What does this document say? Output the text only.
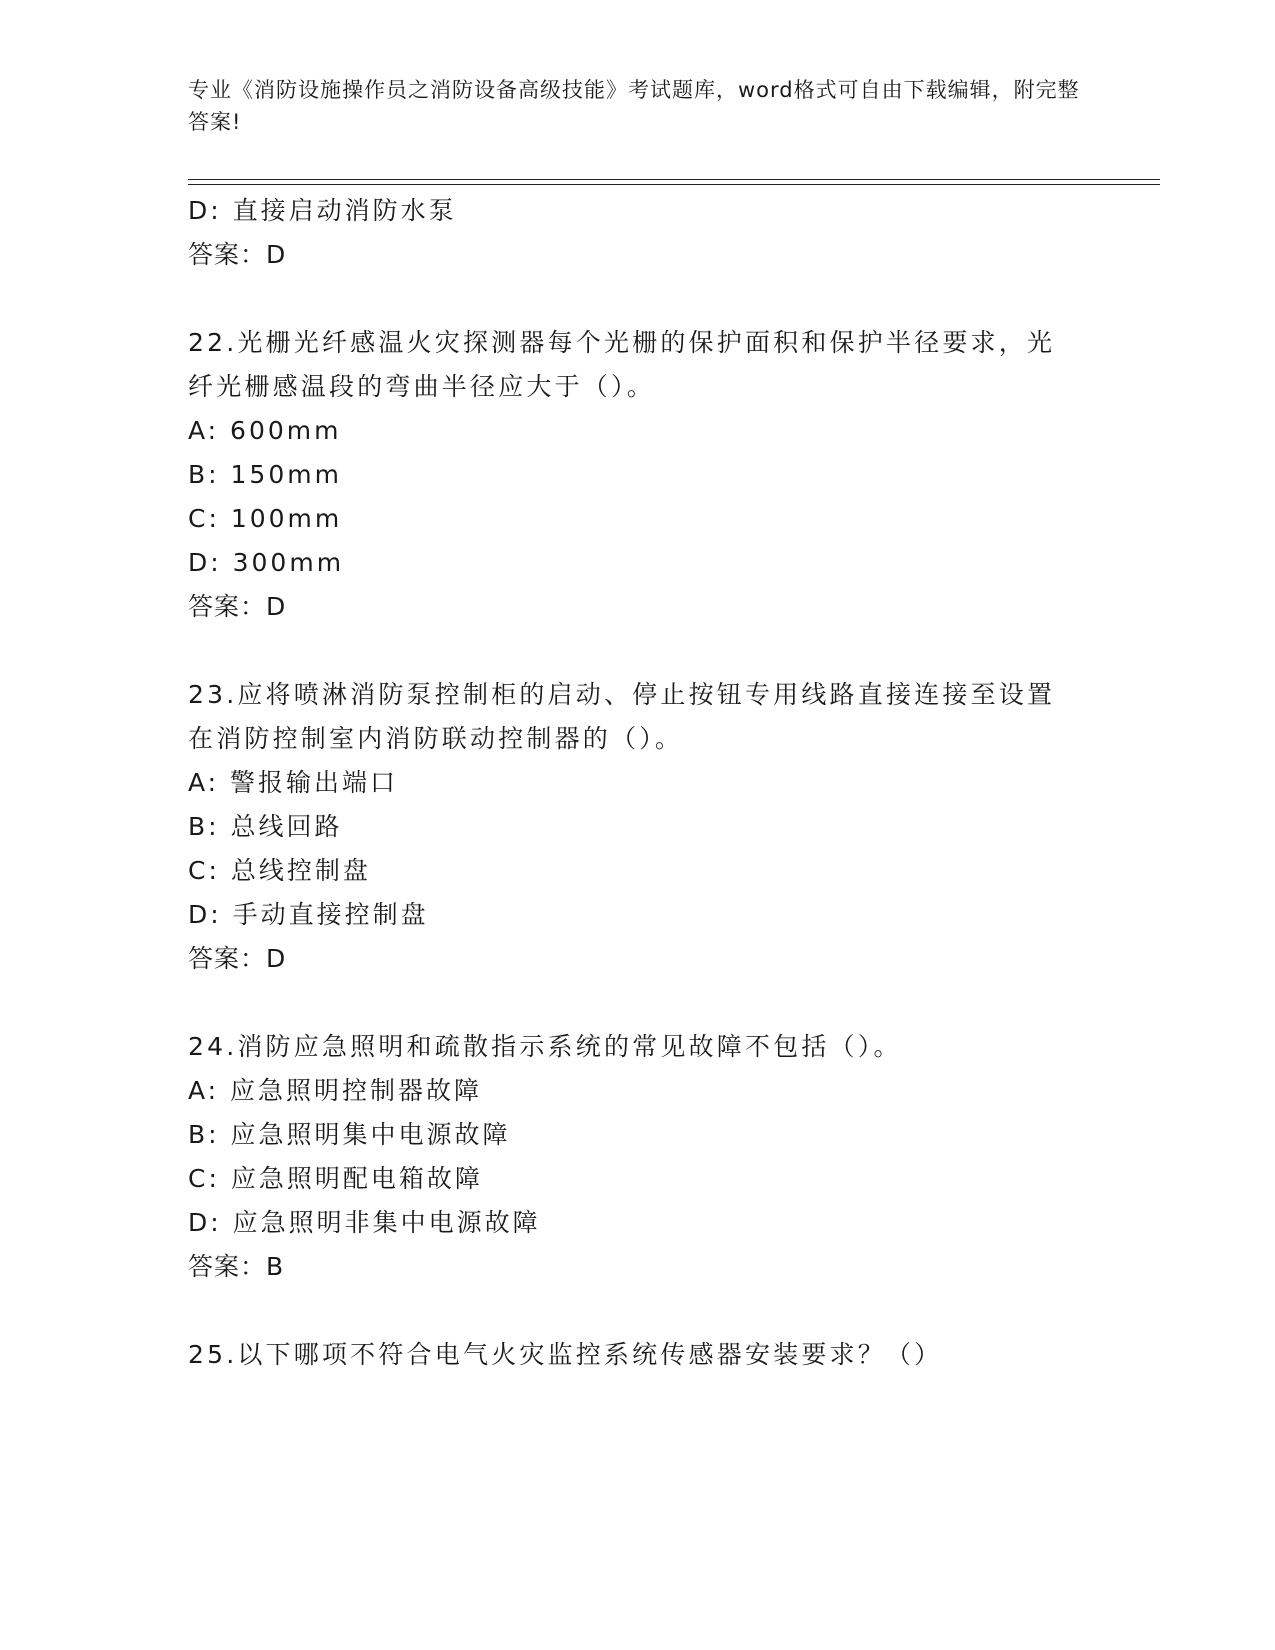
专业《消防设施操作员之消防设备高级技能》考试题库，word格式可自由下载编辑，附完整答案!
D: 直接启动消防水泵
答案：D
22.光栅光纤感温火灾探测器每个光栅的保护面积和保护半径要求，光
纤光栅感温段的弯曲半径应大于（）。
A: 600mm
B: 150mm
C: 100mm
D: 300mm
答案：D
23.应将喷淋消防泵控制柜的启动、停止按钮专用线路直接连接至设置
在消防控制室内消防联动控制器的（）。
A: 警报输出端口
B: 总线回路
C: 总线控制盘
D: 手动直接控制盘
答案：D
24.消防应急照明和疏散指示系统的常见故障不包括（）。
A: 应急照明控制器故障
B: 应急照明集中电源故障
C: 应急照明配电箱故障
D: 应急照明非集中电源故障
答案：B
25.以下哪项不符合电气火灾监控系统传感器安装要求？（）
